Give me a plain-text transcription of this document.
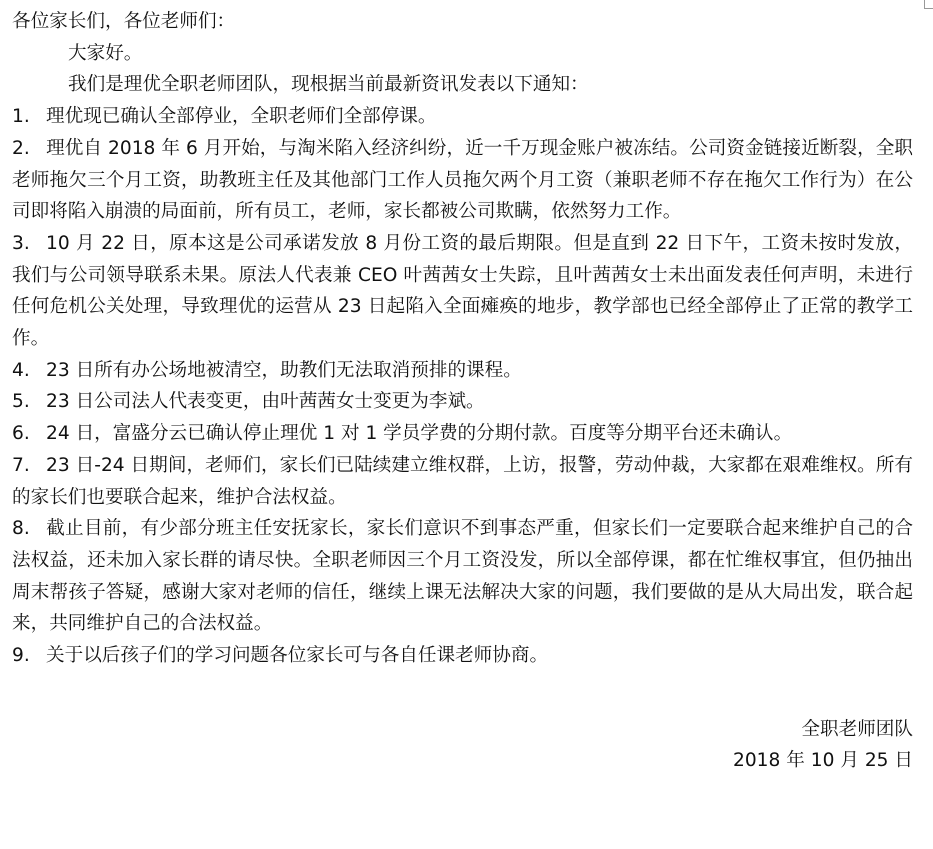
各位家长们，各位老师们：
大家好。
我们是理优全职老师团队，现根据当前最新资讯发表以下通知：
1. 理优现已确认全部停业，全职老师们全部停课。
2. 理优自 2018 年 6 月开始，与淘米陷入经济纠纷，近一千万现金账户被冻结。公司资金链接近断裂，全职老师拖欠三个月工资，助教班主任及其他部门工作人员拖欠两个月工资（兼职老师不存在拖欠工作行为）在公司即将陷入崩溃的局面前，所有员工，老师，家长都被公司欺瞒，依然努力工作。
3. 10 月 22 日，原本这是公司承诺发放 8 月份工资的最后期限。但是直到 22 日下午，工资未按时发放，我们与公司领导联系未果。原法人代表兼 CEO 叶茜茜女士失踪，且叶茜茜女士未出面发表任何声明，未进行任何危机公关处理，导致理优的运营从 23 日起陷入全面瘫痪的地步，教学部也已经全部停止了正常的教学工作。
4. 23 日所有办公场地被清空，助教们无法取消预排的课程。
5. 23 日公司法人代表变更，由叶茜茜女士变更为李斌。
6. 24 日，富盛分云已确认停止理优 1 对 1 学员学费的分期付款。百度等分期平台还未确认。
7. 23 日-24 日期间，老师们，家长们已陆续建立维权群，上访，报警，劳动仲裁，大家都在艰难维权。所有的家长们也要联合起来，维护合法权益。
8. 截止目前，有少部分班主任安抚家长，家长们意识不到事态严重，但家长们一定要联合起来维护自己的合法权益，还未加入家长群的请尽快。全职老师因三个月工资没发，所以全部停课，都在忙维权事宜，但仍抽出周末帮孩子答疑，感谢大家对老师的信任，继续上课无法解决大家的问题，我们要做的是从大局出发，联合起来，共同维护自己的合法权益。
9. 关于以后孩子们的学习问题各位家长可与各自任课老师协商。
全职老师团队
2018 年 10 月 25 日
